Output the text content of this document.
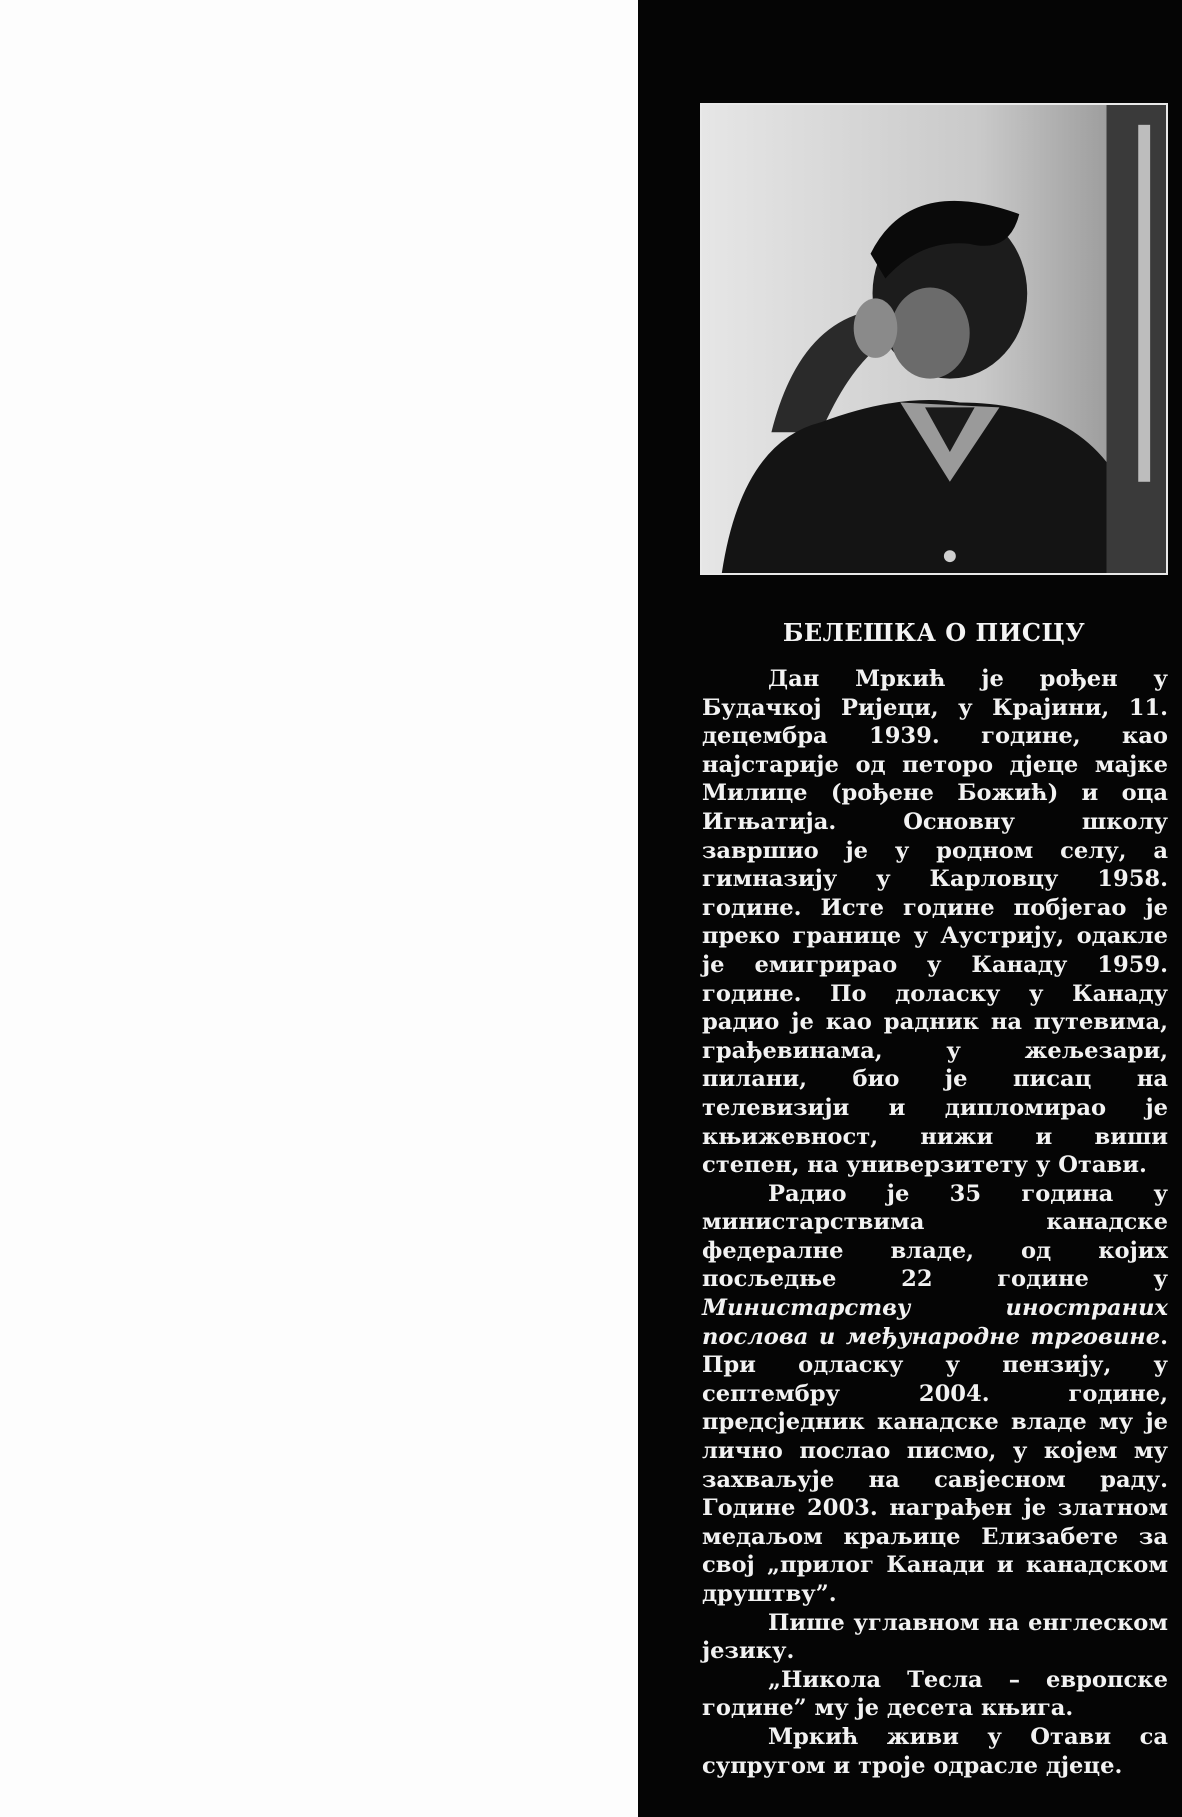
БЕЛЕШКА О ПИСЦУ

Дан Мркић је рођен у Будачкој Ријеци, у Крајини, 11. децембра 1939. године, као најстарије од петоро дјеце мајке Милице (рођене Божић) и оца Игњатија. Основну школу завршио је у родном селу, а гимназију у Карловцу 1958. године. Исте године побјегао је преко границе у Аустрију, одакле је емигрирао у Канаду 1959. године. По доласку у Канаду радио је као радник на путевима, грађевинама, у жељезари, пилани, био је писац на телевизији и дипломирао је књижевност, нижи и виши степен, на универзитету у Отави.

Радио је 35 година у министарствима канадске федералне владе, од којих посљедње 22 године у Министарству иностраних послова и међународне трговине. При одласку у пензију, у септембру 2004. године, предсједник канадске владе му је лично послао писмо, у којем му захваљује на савјесном раду. Године 2003. награђен је златном медаљом краљице Елизабете за свој „прилог Канади и канадском друштву”.

Пише углавном на енглеском језику.

„Никола Тесла – европске године” му је десета књига.

Мркић живи у Отави са супругом и троје одрасле дјеце.
